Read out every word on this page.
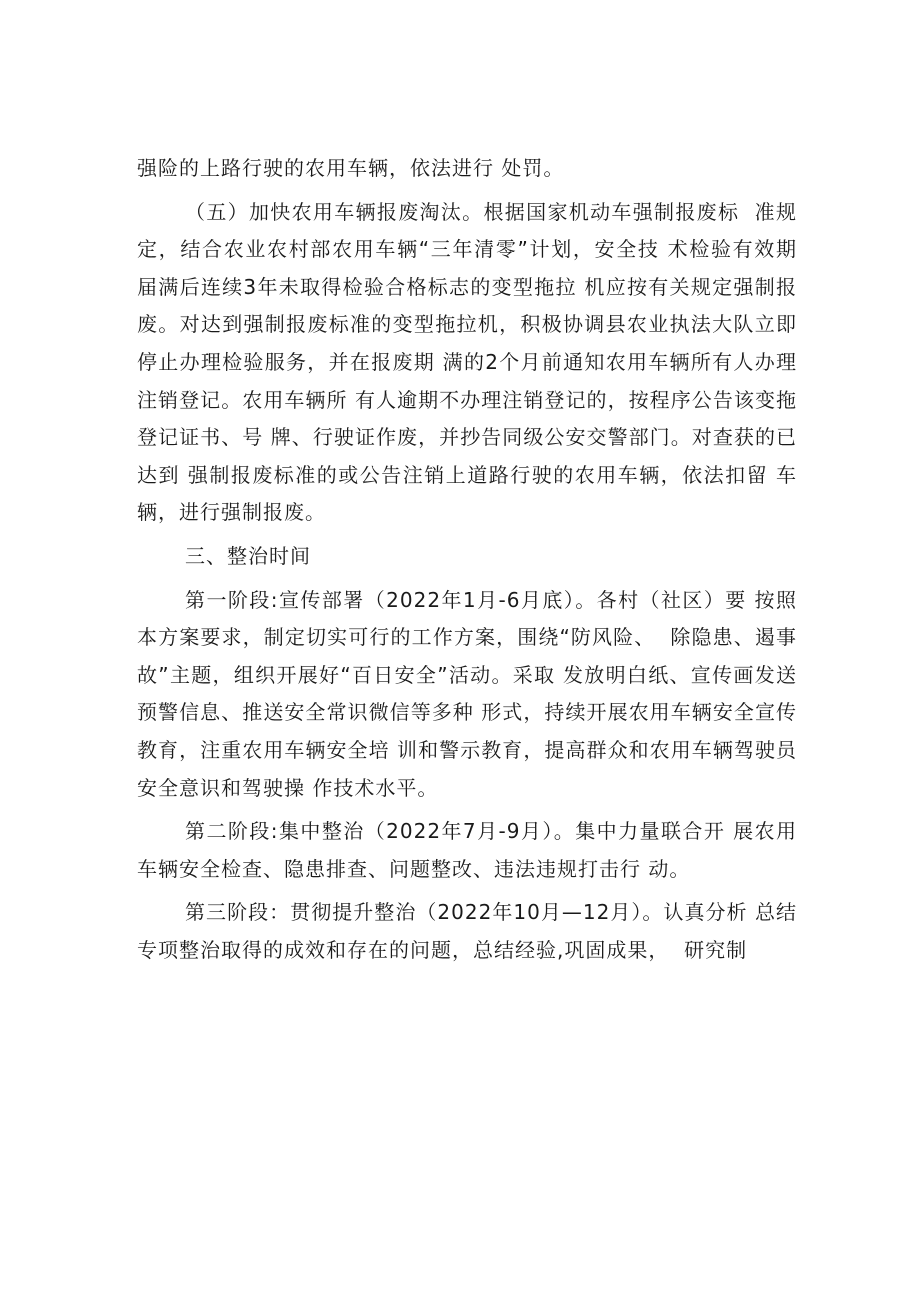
强险的上路行驶的农用车辆，依法进行 处罚。

（五）加快农用车辆报废淘汰。根据国家机动车强制报废标  准规定，结合农业农村部农用车辆“三年清零”计划，安全技 术检验有效期届满后连续3年未取得检验合格标志的变型拖拉 机应按有关规定强制报废。对达到强制报废标准的变型拖拉机，积极协调县农业执法大队立即停止办理检验服务，并在报废期 满的2个月前通知农用车辆所有人办理注销登记。农用车辆所 有人逾期不办理注销登记的，按程序公告该变拖登记证书、号 牌、行驶证作废，并抄告同级公安交警部门。对查获的已达到 强制报废标准的或公告注销上道路行驶的农用车辆，依法扣留 车辆，进行强制报废。

三、整治时间

第一阶段:宣传部署（2022年1月-6月底）。各村（社区）要 按照本方案要求，制定切实可行的工作方案，围绕“防风险、  除隐患、遏事故”主题，组织开展好“百日安全”活动。采取 发放明白纸、宣传画发送预警信息、推送安全常识微信等多种 形式，持续开展农用车辆安全宣传教育，注重农用车辆安全培 训和警示教育，提高群众和农用车辆驾驶员安全意识和驾驶操 作技术水平。

第二阶段:集中整治（2022年7月-9月）。集中力量联合开 展农用车辆安全检查、隐患排查、问题整改、违法违规打击行 动。

第三阶段：贯彻提升整治（2022年10月—12月）。认真分析 总结专项整治取得的成效和存在的问题，总结经验,巩固成果，  研究制
